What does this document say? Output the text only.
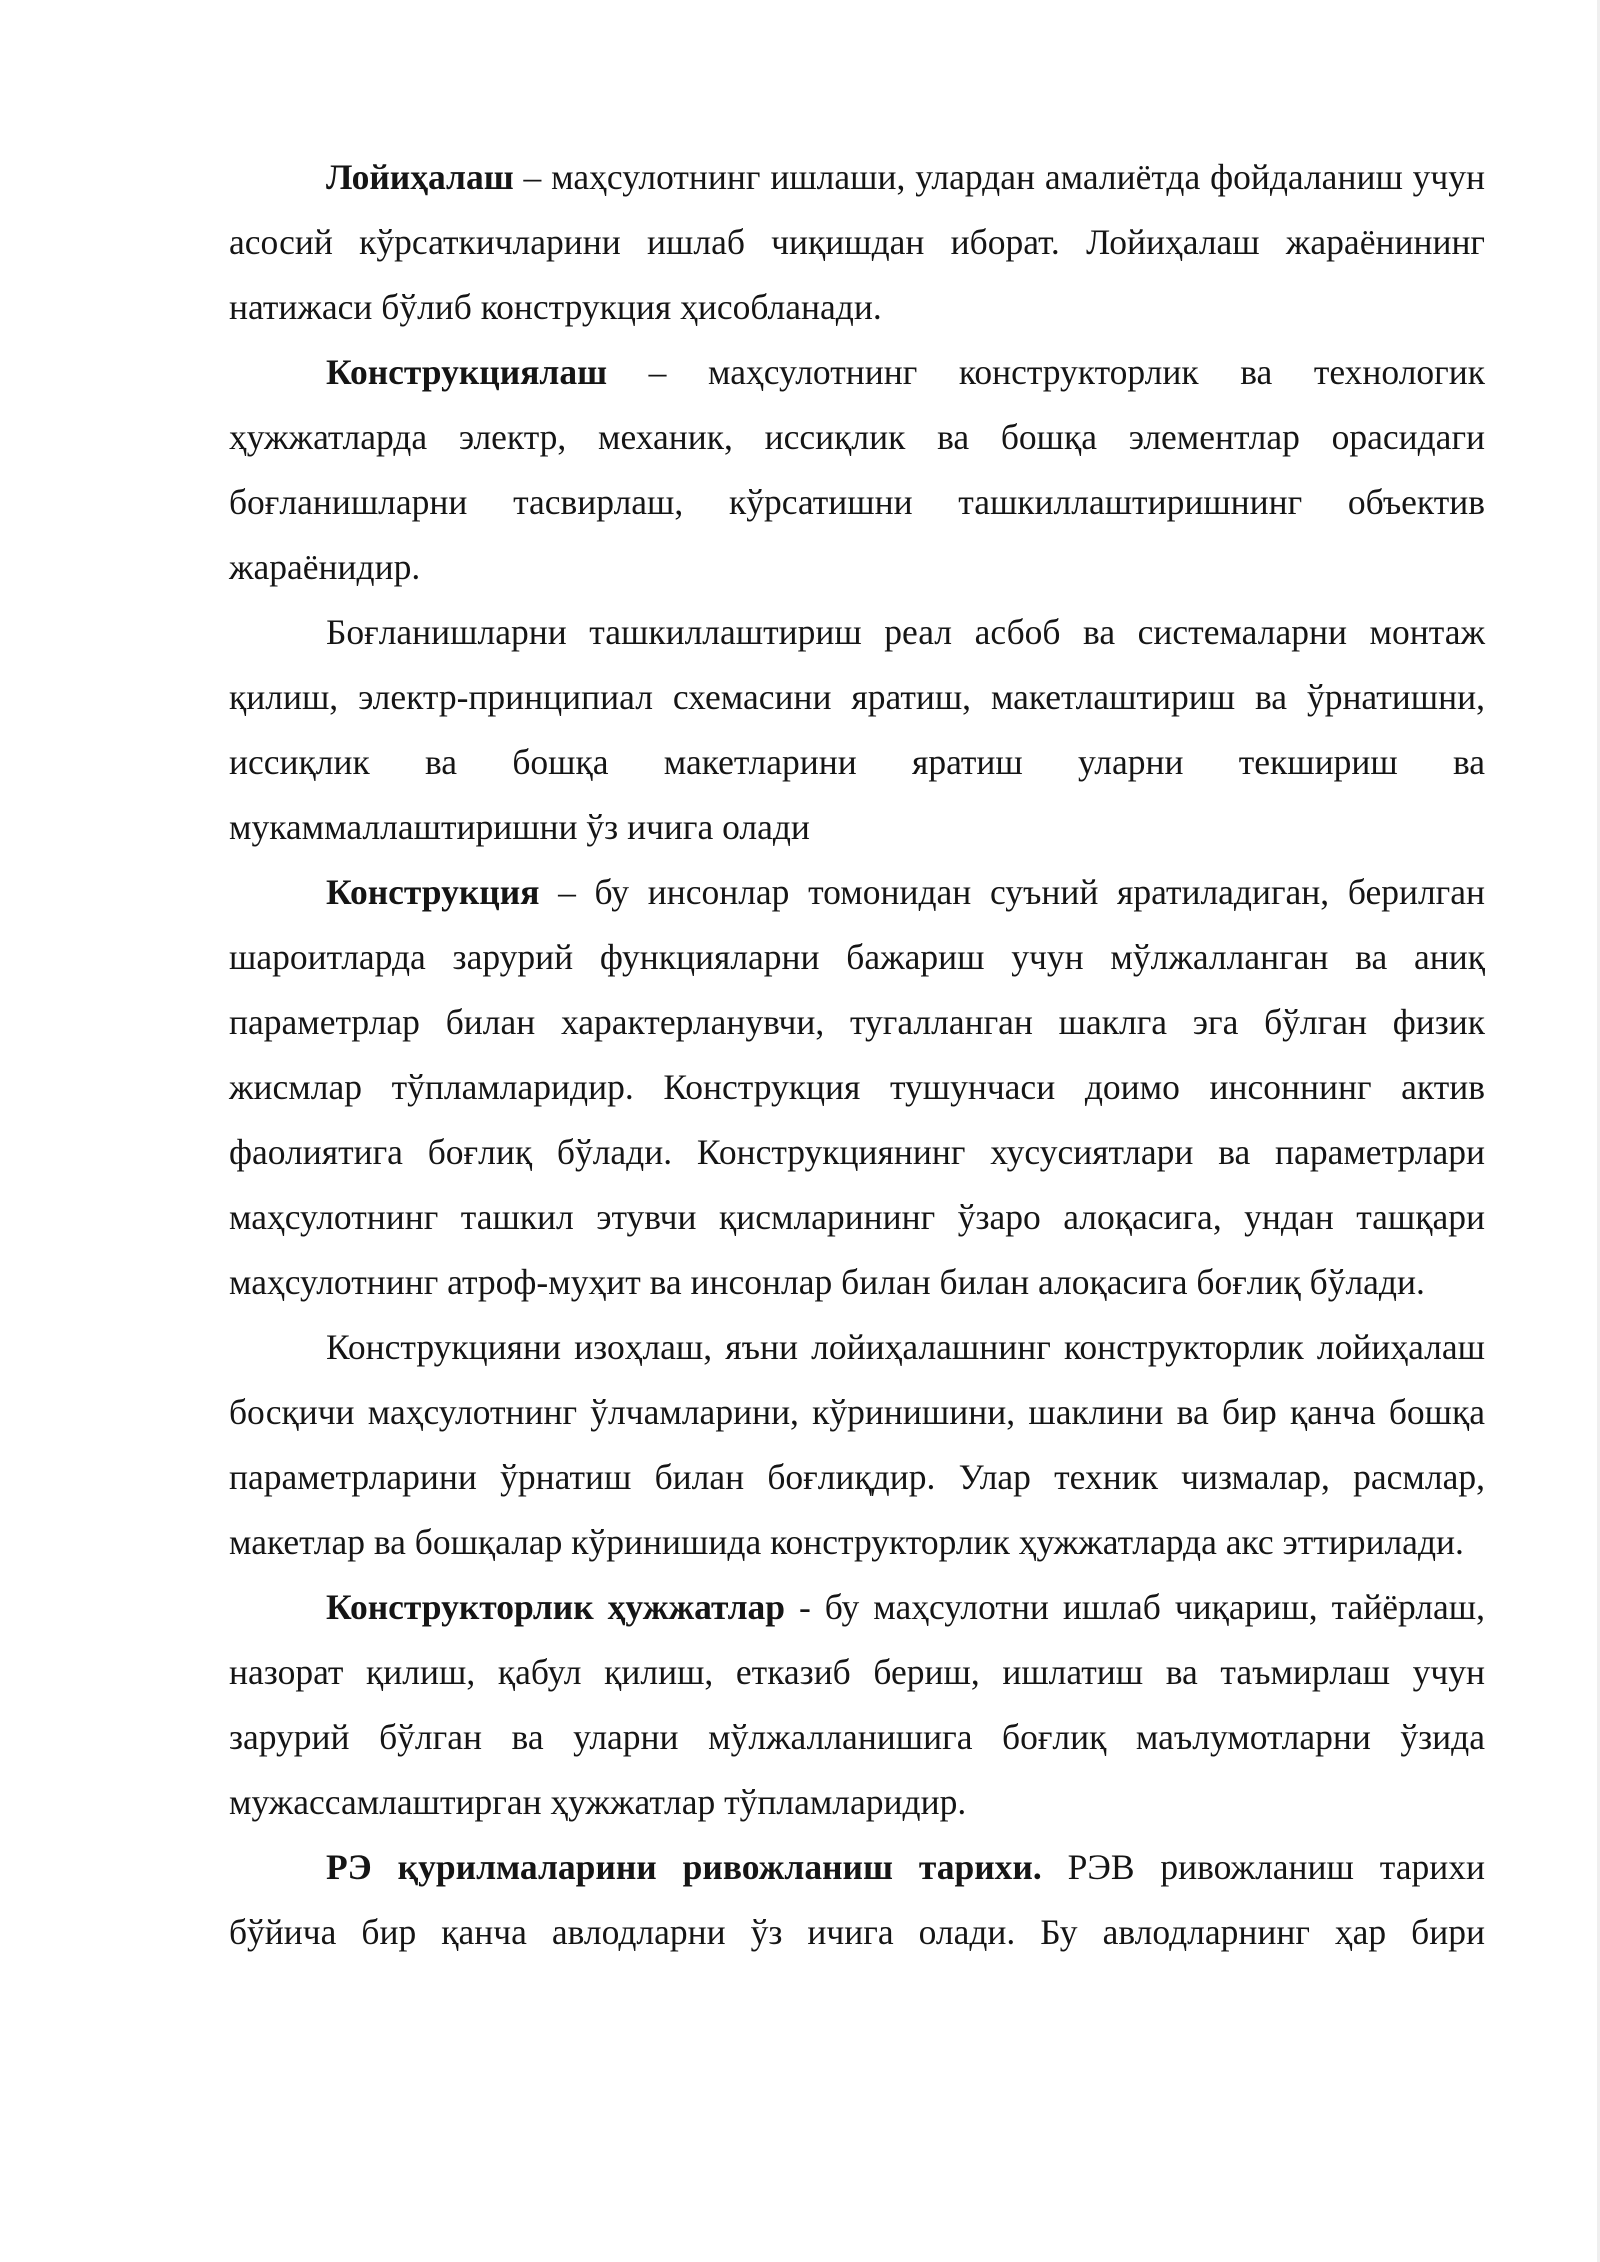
Лойиҳалаш – маҳсулотнинг ишлаши, улардан амалиётда фойдаланиш учун асосий кўрсаткичларини ишлаб чиқишдан иборат. Лойиҳалаш жараёнининг натижаси бўлиб конструкция ҳисобланади.

Конструкциялаш – маҳсулотнинг конструкторлик ва технологик ҳужжатларда электр, механик, иссиқлик ва бошқа элементлар орасидаги боғланишларни тасвирлаш, кўрсатишни ташкиллаштиришнинг объектив жараёнидир.

Боғланишларни ташкиллаштириш реал асбоб ва системаларни монтаж қилиш, электр-принципиал схемасини яратиш, макетлаштириш ва ўрнатишни, иссиқлик ва бошқа макетларини яратиш уларни текшириш ва мукаммаллаштиришни ўз ичига олади

Конструкция – бу инсонлар томонидан суъний яратиладиган, берилган шароитларда зарурий функцияларни бажариш учун мўлжалланган ва аниқ параметрлар билан характерланувчи, тугалланган шаклга эга бўлган физик жисмлар тўпламларидир. Конструкция тушунчаси доимо инсоннинг актив фаолиятига боғлиқ бўлади. Конструкциянинг хусусиятлари ва параметрлари маҳсулотнинг ташкил этувчи қисмларининг ўзаро алоқасига, ундан ташқари маҳсулотнинг атроф-муҳит ва инсонлар билан билан алоқасига боғлиқ бўлади.

Конструкцияни изоҳлаш, яъни лойиҳалашнинг конструкторлик лойиҳалаш босқичи маҳсулотнинг ўлчамларини, кўринишини, шаклини ва бир қанча бошқа параметрларини ўрнатиш билан боғлиқдир. Улар техник чизмалар, расмлар, макетлар ва бошқалар кўринишида конструкторлик ҳужжатларда акс эттирилади.

Конструкторлик ҳужжатлар - бу маҳсулотни ишлаб чиқариш, тайёрлаш, назорат қилиш, қабул қилиш, етказиб бериш, ишлатиш ва таъмирлаш учун зарурий бўлган ва уларни мўлжалланишига боғлиқ маълумотларни ўзида мужассамлаштирган ҳужжатлар тўпламларидир.

РЭ қурилмаларини ривожланиш тарихи. РЭВ ривожланиш тарихи бўйича бир қанча авлодларни ўз ичига олади. Бу авлодларнинг ҳар бири
